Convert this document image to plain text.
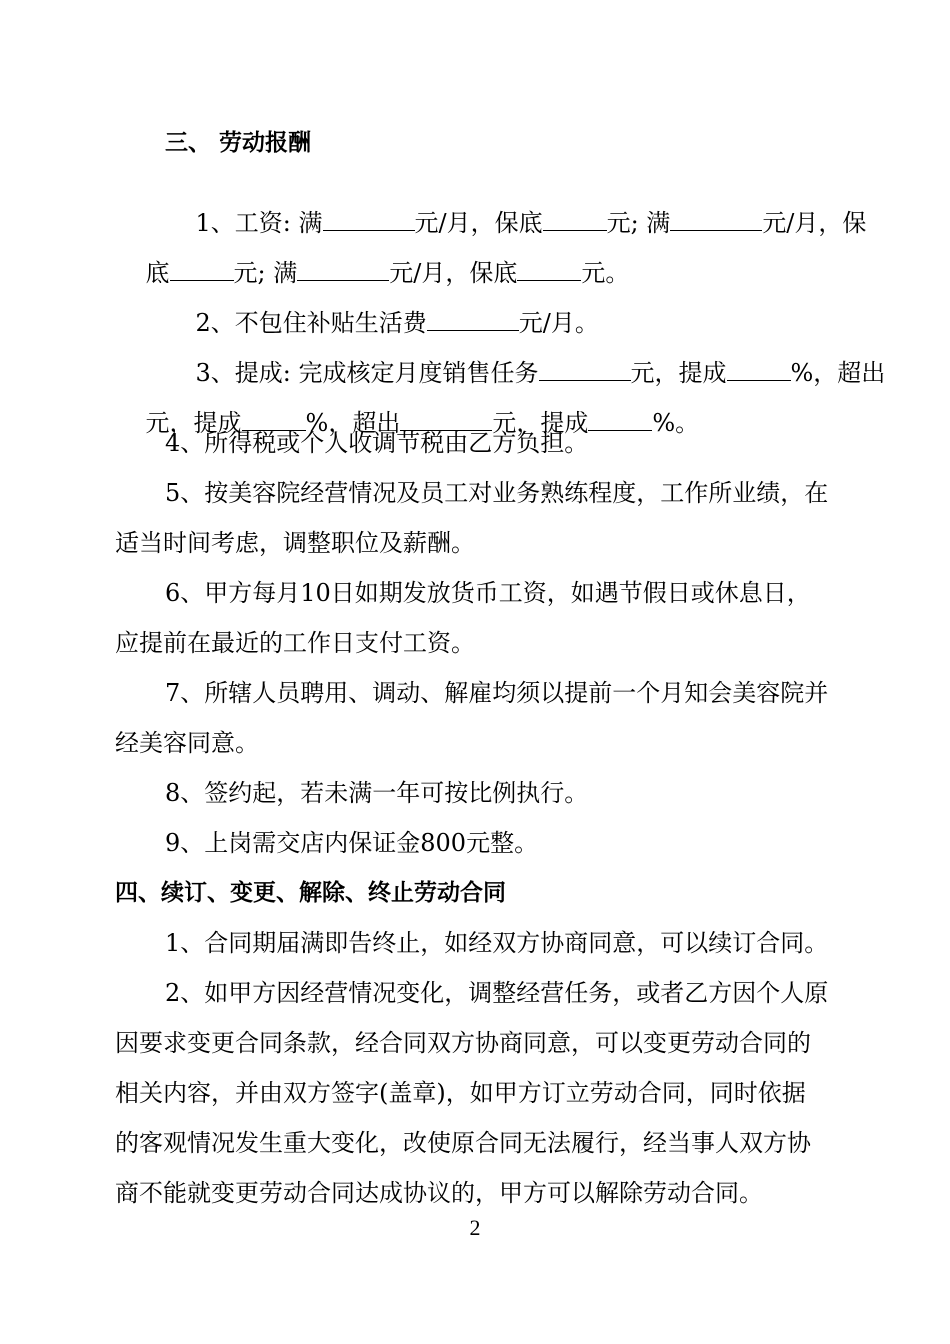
三、 劳动报酬

1、工资: 满	元/月，保底	元; 满	元/月，保

底	元; 满	元/月，保底	元。

2、不包住补贴生活费	元/月。

3、提成: 完成核定月度销售任务	元，提成	%，超出

元，提成	%，超出	元，提成	%。

4、所得税或个人收调节税由乙方负担。
5、按美容院经营情况及员工对业务熟练程度，工作所业绩，在
适当时间考虑，调整职位及薪酬。
6、甲方每月10日如期发放货币工资，如遇节假日或休息日，
应提前在最近的工作日支付工资。
7、所辖人员聘用、调动、解雇均须以提前一个月知会美容院并
经美容同意。
8、签约起，若未满一年可按比例执行。
9、上岗需交店内保证金800元整。
四、续订、变更、解除、终止劳动合同
1、合同期届满即告终止，如经双方协商同意，可以续订合同。
2、如甲方因经营情况变化，调整经营任务，或者乙方因个人原
因要求变更合同条款，经合同双方协商同意，可以变更劳动合同的
相关内容，并由双方签字(盖章)，如甲方订立劳动合同，同时依据
的客观情况发生重大变化，改使原合同无法履行，经当事人双方协
商不能就变更劳动合同达成协议的，甲方可以解除劳动合同。
2
